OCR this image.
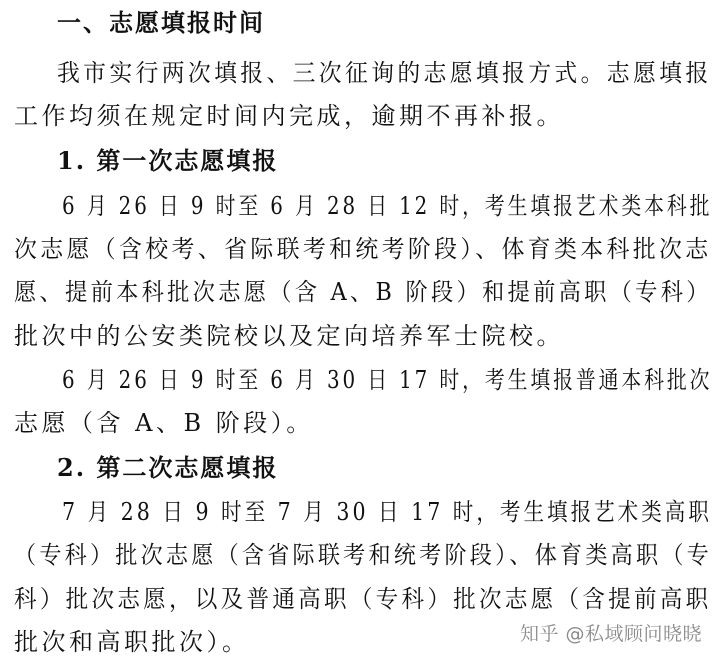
一、志愿填报时间
我市实行两次填报、三次征询的志愿填报方式。志愿填报
工作均须在规定时间内完成，逾期不再补报。
1. 第一次志愿填报
6 月 26 日 9 时至 6 月 28 日 12 时，考生填报艺术类本科批
次志愿（含校考、省际联考和统考阶段）、体育类本科批次志
愿、提前本科批次志愿（含 A、B 阶段）和提前高职（专科）
批次中的公安类院校以及定向培养军士院校。
6 月 26 日 9 时至 6 月 30 日 17 时，考生填报普通本科批次
志愿（含 A、B 阶段）。
2. 第二次志愿填报
7 月 28 日 9 时至 7 月 30 日 17 时，考生填报艺术类高职
（专科）批次志愿（含省际联考和统考阶段）、体育类高职（专
科）批次志愿，以及普通高职（专科）批次志愿（含提前高职
批次和高职批次）。	知乎 @私域顾问晓晓
